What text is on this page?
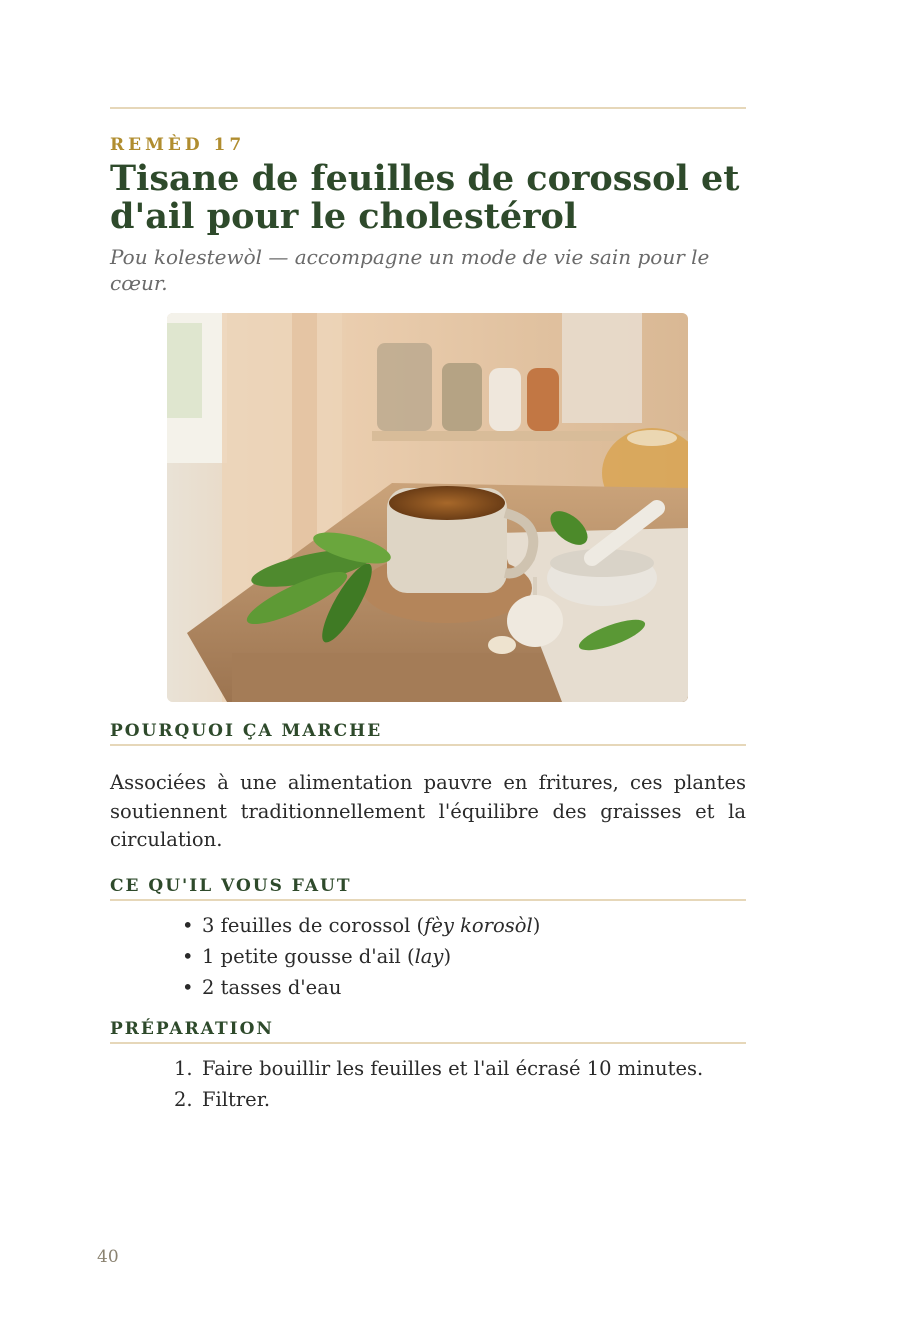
REMÈD 17
Tisane de feuilles de corossol et d'ail pour le cholestérol

Pou kolestewòl — accompagne un mode de vie sain pour le cœur.

POURQUOI ÇA MARCHE

Associées à une alimentation pauvre en fritures, ces plantes soutiennent traditionnellement l'équilibre des graisses et la circulation.

CE QU'IL VOUS FAUT
• 3 feuilles de corossol (fèy korosòl)
• 1 petite gousse d'ail (lay)
• 2 tasses d'eau
PRÉPARATION
1. Faire bouillir les feuilles et l'ail écrasé 10 minutes.
2. Filtrer.
40
